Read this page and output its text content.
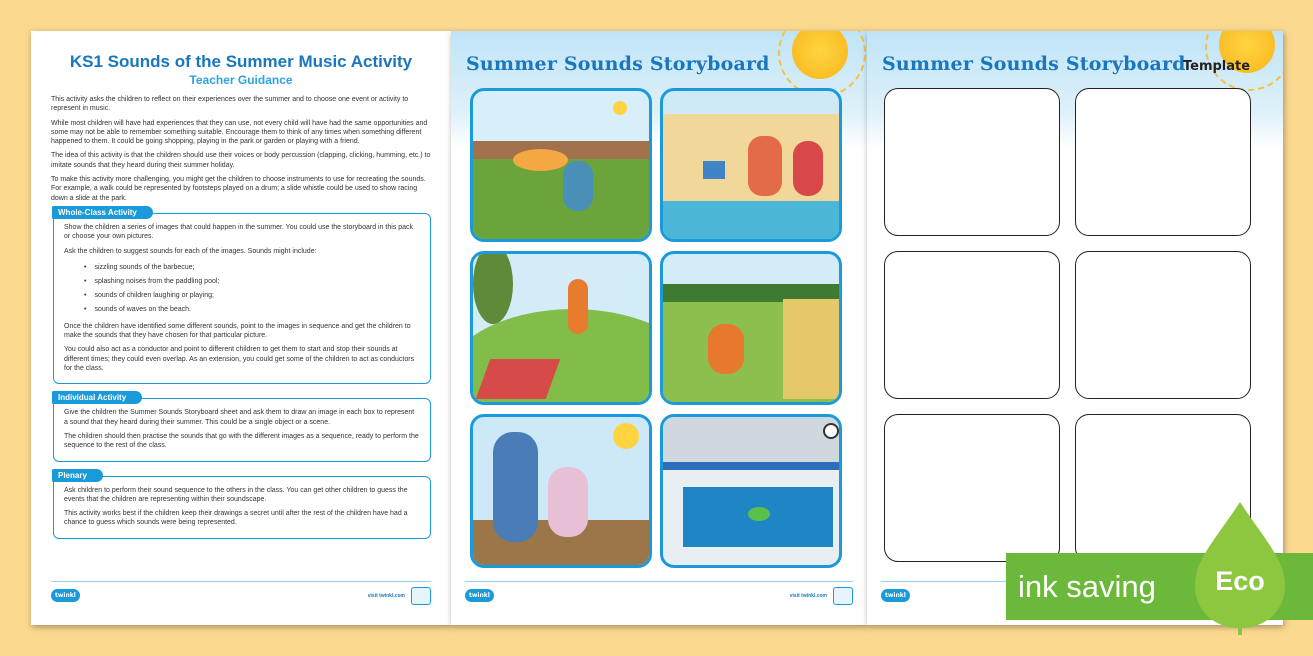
KS1 Sounds of the Summer Music Activity
Teacher Guidance

This activity asks the children to reflect on their experiences over the summer and to choose one event or activity to represent in music.

While most children will have had experiences that they can use, not every child will have had the same opportunities and some may not be able to remember something suitable. Encourage them to think of any times when something different happened to them. It could be going shopping, playing in the park or garden or playing with a friend.

The idea of this activity is that the children should use their voices or body percussion (clapping, clicking, humming, etc.) to imitate sounds that they heard during their summer holiday.

To make this activity more challenging, you might get the children to choose instruments to use for recreating the sounds. For example, a walk could be represented by footsteps played on a drum; a slide whistle could be used to show racing down a slide at the park.

Whole-Class Activity

Show the children a series of images that could happen in the summer. You could use the storyboard in this pack or choose your own pictures.

Ask the children to suggest sounds for each of the images. Sounds might include:

• sizzling sounds of the barbecue;
• splashing noises from the paddling pool;
• sounds of children laughing or playing;
• sounds of waves on the beach.

Once the children have identified some different sounds, point to the images in sequence and get the children to make the sounds that they have chosen for that particular picture.

You could also act as a conductor and point to different children to get them to start and stop their sounds at different times; they could even overlap. As an extension, you could get some of the children to act as conductors for the class.

Individual Activity

Give the children the Summer Sounds Storyboard sheet and ask them to draw an image in each box to represent a sound that they heard during their summer. This could be a single object or a scene.

The children should then practise the sounds that go with the different images as a sequence, ready to perform the sequence to the rest of the class.

Plenary

Ask children to perform their sound sequence to the others in the class. You can get other children to guess the events that the children are representing within their soundscape.

This activity works best if the children keep their drawings a secret until after the rest of the children have had a chance to guess which sounds were being represented.

twinkl	visit twinkl.com
Summer Sounds Storyboard
twinkl	visit twinkl.com
Summer Sounds Storyboard
Template
twinkl	ink saving	Eco
